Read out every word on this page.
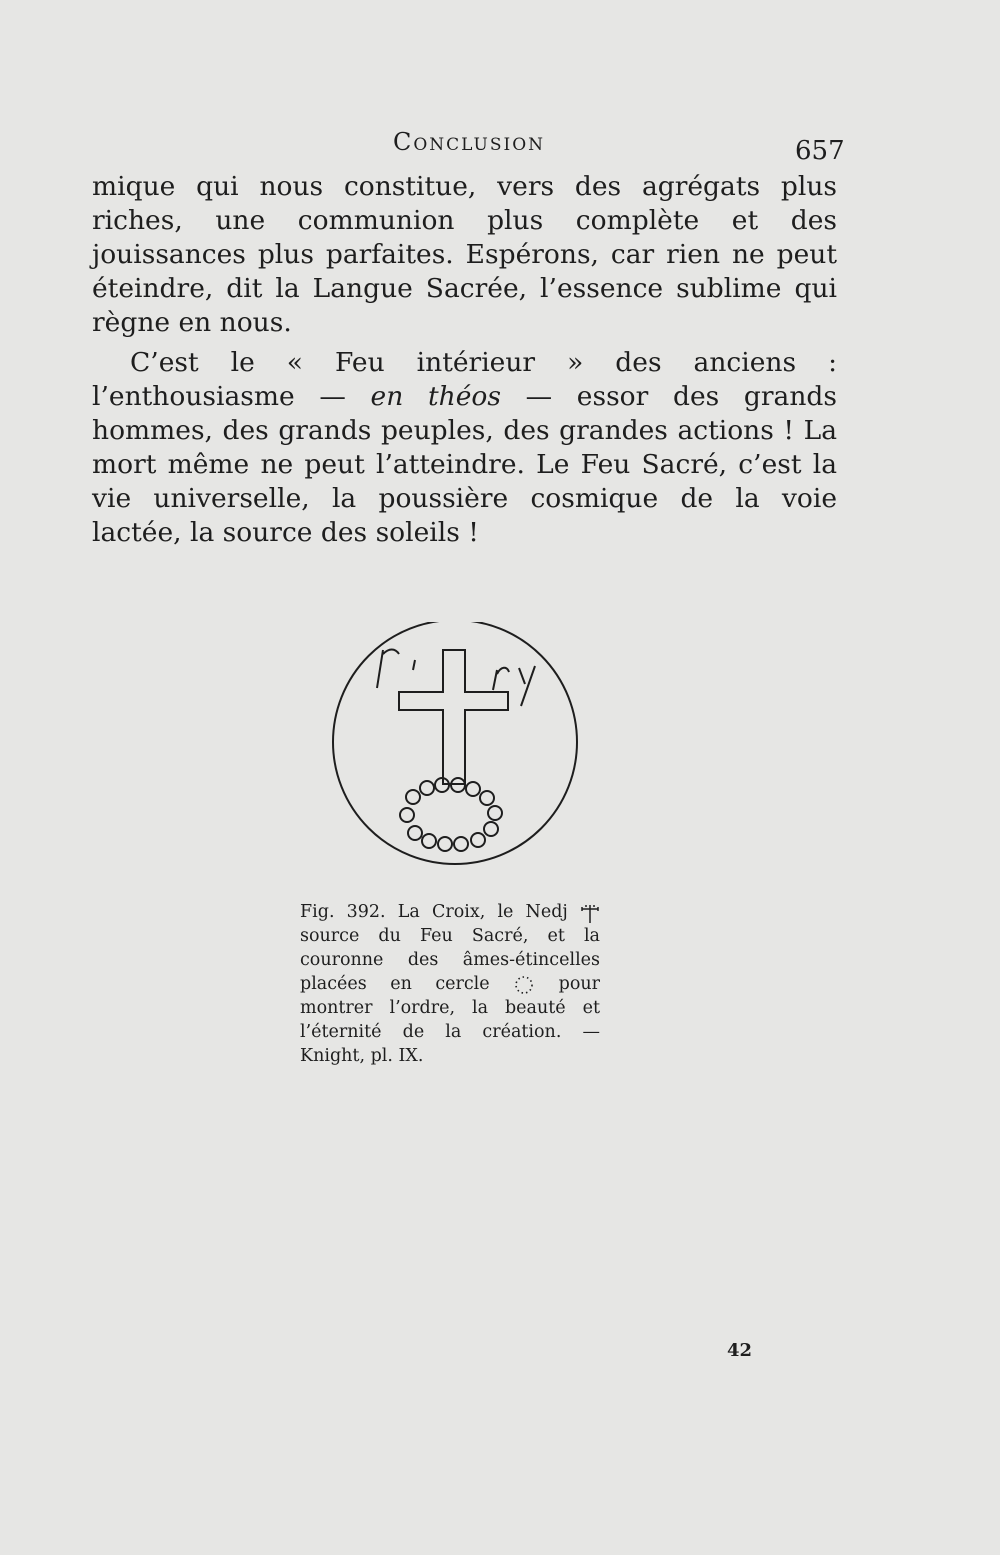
Conclusion	657

mique qui nous constitue, vers des agrégats plus riches, une communion plus complète et des jouissances plus parfaites. Espérons, car rien ne peut éteindre, dit la Langue Sacrée, l’essence sublime qui règne en nous.

C’est le « Feu intérieur » des anciens : l’enthousiasme — en théos — essor des grands hommes, des grands peuples, des grandes actions ! La mort même ne peut l’atteindre. Le Feu Sacré, c’est la vie universelle, la poussière cosmique de la voie lactée, la source des soleils !

Fig. 392. La Croix, le Nedj  source du Feu Sacré, et la couronne des âmes-étincelles placées en cercle  pour montrer l’ordre, la beauté et l’éternité de la création. — Knight, pl. IX.
42
